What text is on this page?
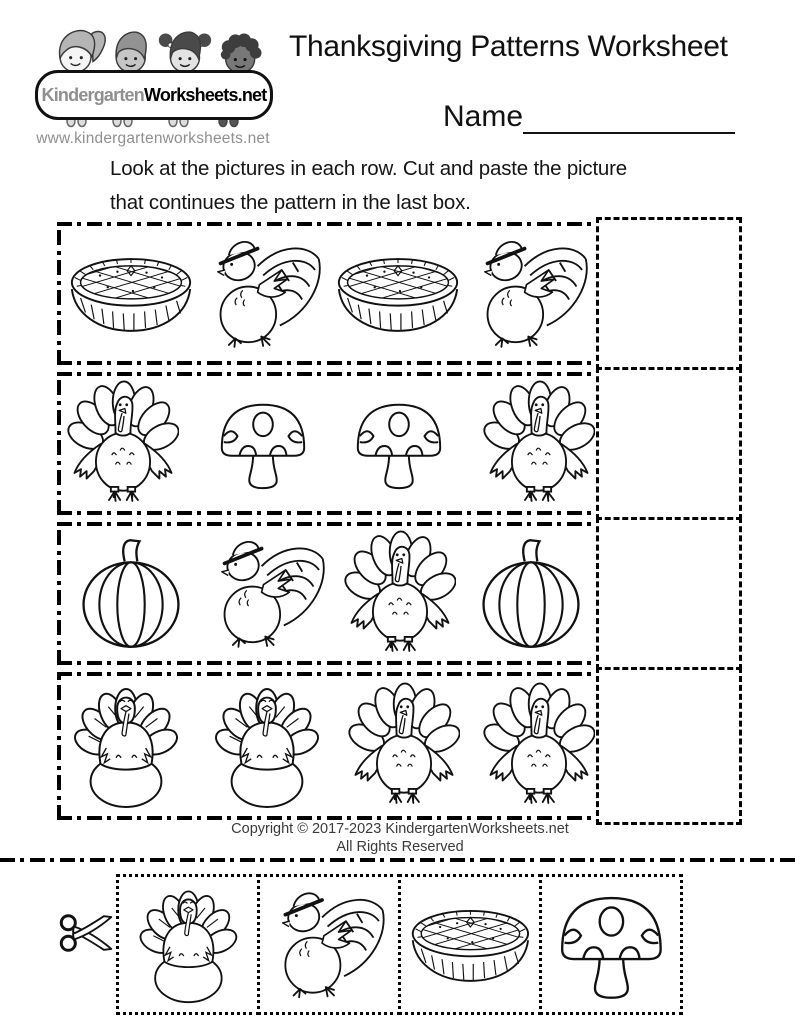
Kindergarten Worksheets.net
www.kindergartenworksheets.net
Thanksgiving Patterns Worksheet
Name
Look at the pictures in each row. Cut and paste the picture
that continues the pattern in the last box.
Copyright © 2017-2023 KindergartenWorksheets.net
All Rights Reserved
